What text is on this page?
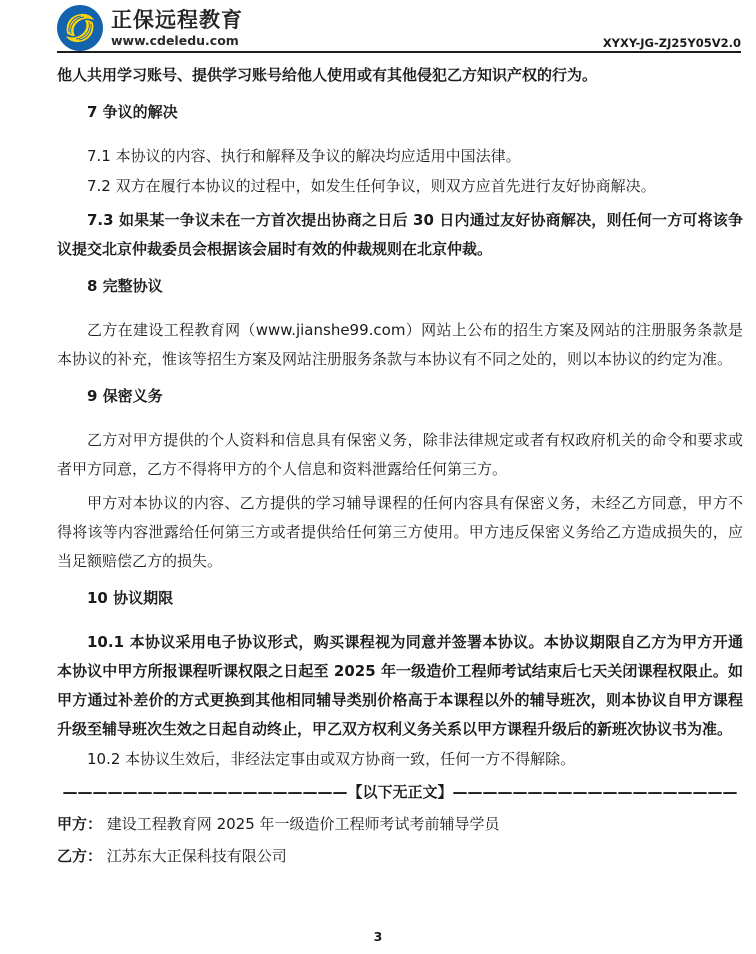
正保远程教育
www.cdeledu.com	XYXY-JG-ZJ25Y05V2.0

他人共用学习账号、提供学习账号给他人使用或有其他侵犯乙方知识产权的行为。

7 争议的解决

7.1 本协议的内容、执行和解释及争议的解决均应适用中国法律。

7.2 双方在履行本协议的过程中，如发生任何争议，则双方应首先进行友好协商解决。

7.3 如果某一争议未在一方首次提出协商之日后 30 日内通过友好协商解决，则任何一方可将该争议提交北京仲裁委员会根据该会届时有效的仲裁规则在北京仲裁。

8 完整协议

乙方在建设工程教育网（www.jianshe99.com）网站上公布的招生方案及网站的注册服务条款是本协议的补充，惟该等招生方案及网站注册服务条款与本协议有不同之处的，则以本协议的约定为准。

9 保密义务

乙方对甲方提供的个人资料和信息具有保密义务，除非法律规定或者有权政府机关的命令和要求或者甲方同意，乙方不得将甲方的个人信息和资料泄露给任何第三方。

甲方对本协议的内容、乙方提供的学习辅导课程的任何内容具有保密义务，未经乙方同意，甲方不得将该等内容泄露给任何第三方或者提供给任何第三方使用。甲方违反保密义务给乙方造成损失的，应当足额赔偿乙方的损失。

10 协议期限

10.1 本协议采用电子协议形式，购买课程视为同意并签署本协议。本协议期限自乙方为甲方开通本协议中甲方所报课程听课权限之日起至 2025 年一级造价工程师考试结束后七天关闭课程权限止。如甲方通过补差价的方式更换到其他相同辅导类别价格高于本课程以外的辅导班次，则本协议自甲方课程升级至辅导班次生效之日起自动终止，甲乙双方权利义务关系以甲方课程升级后的新班次协议书为准。

10.2 本协议生效后，非经法定事由或双方协商一致，任何一方不得解除。

——————————————————— 【以下无正文】 ———————————————————

甲方： 建设工程教育网 2025 年一级造价工程师考试考前辅导学员

乙方： 江苏东大正保科技有限公司

3
